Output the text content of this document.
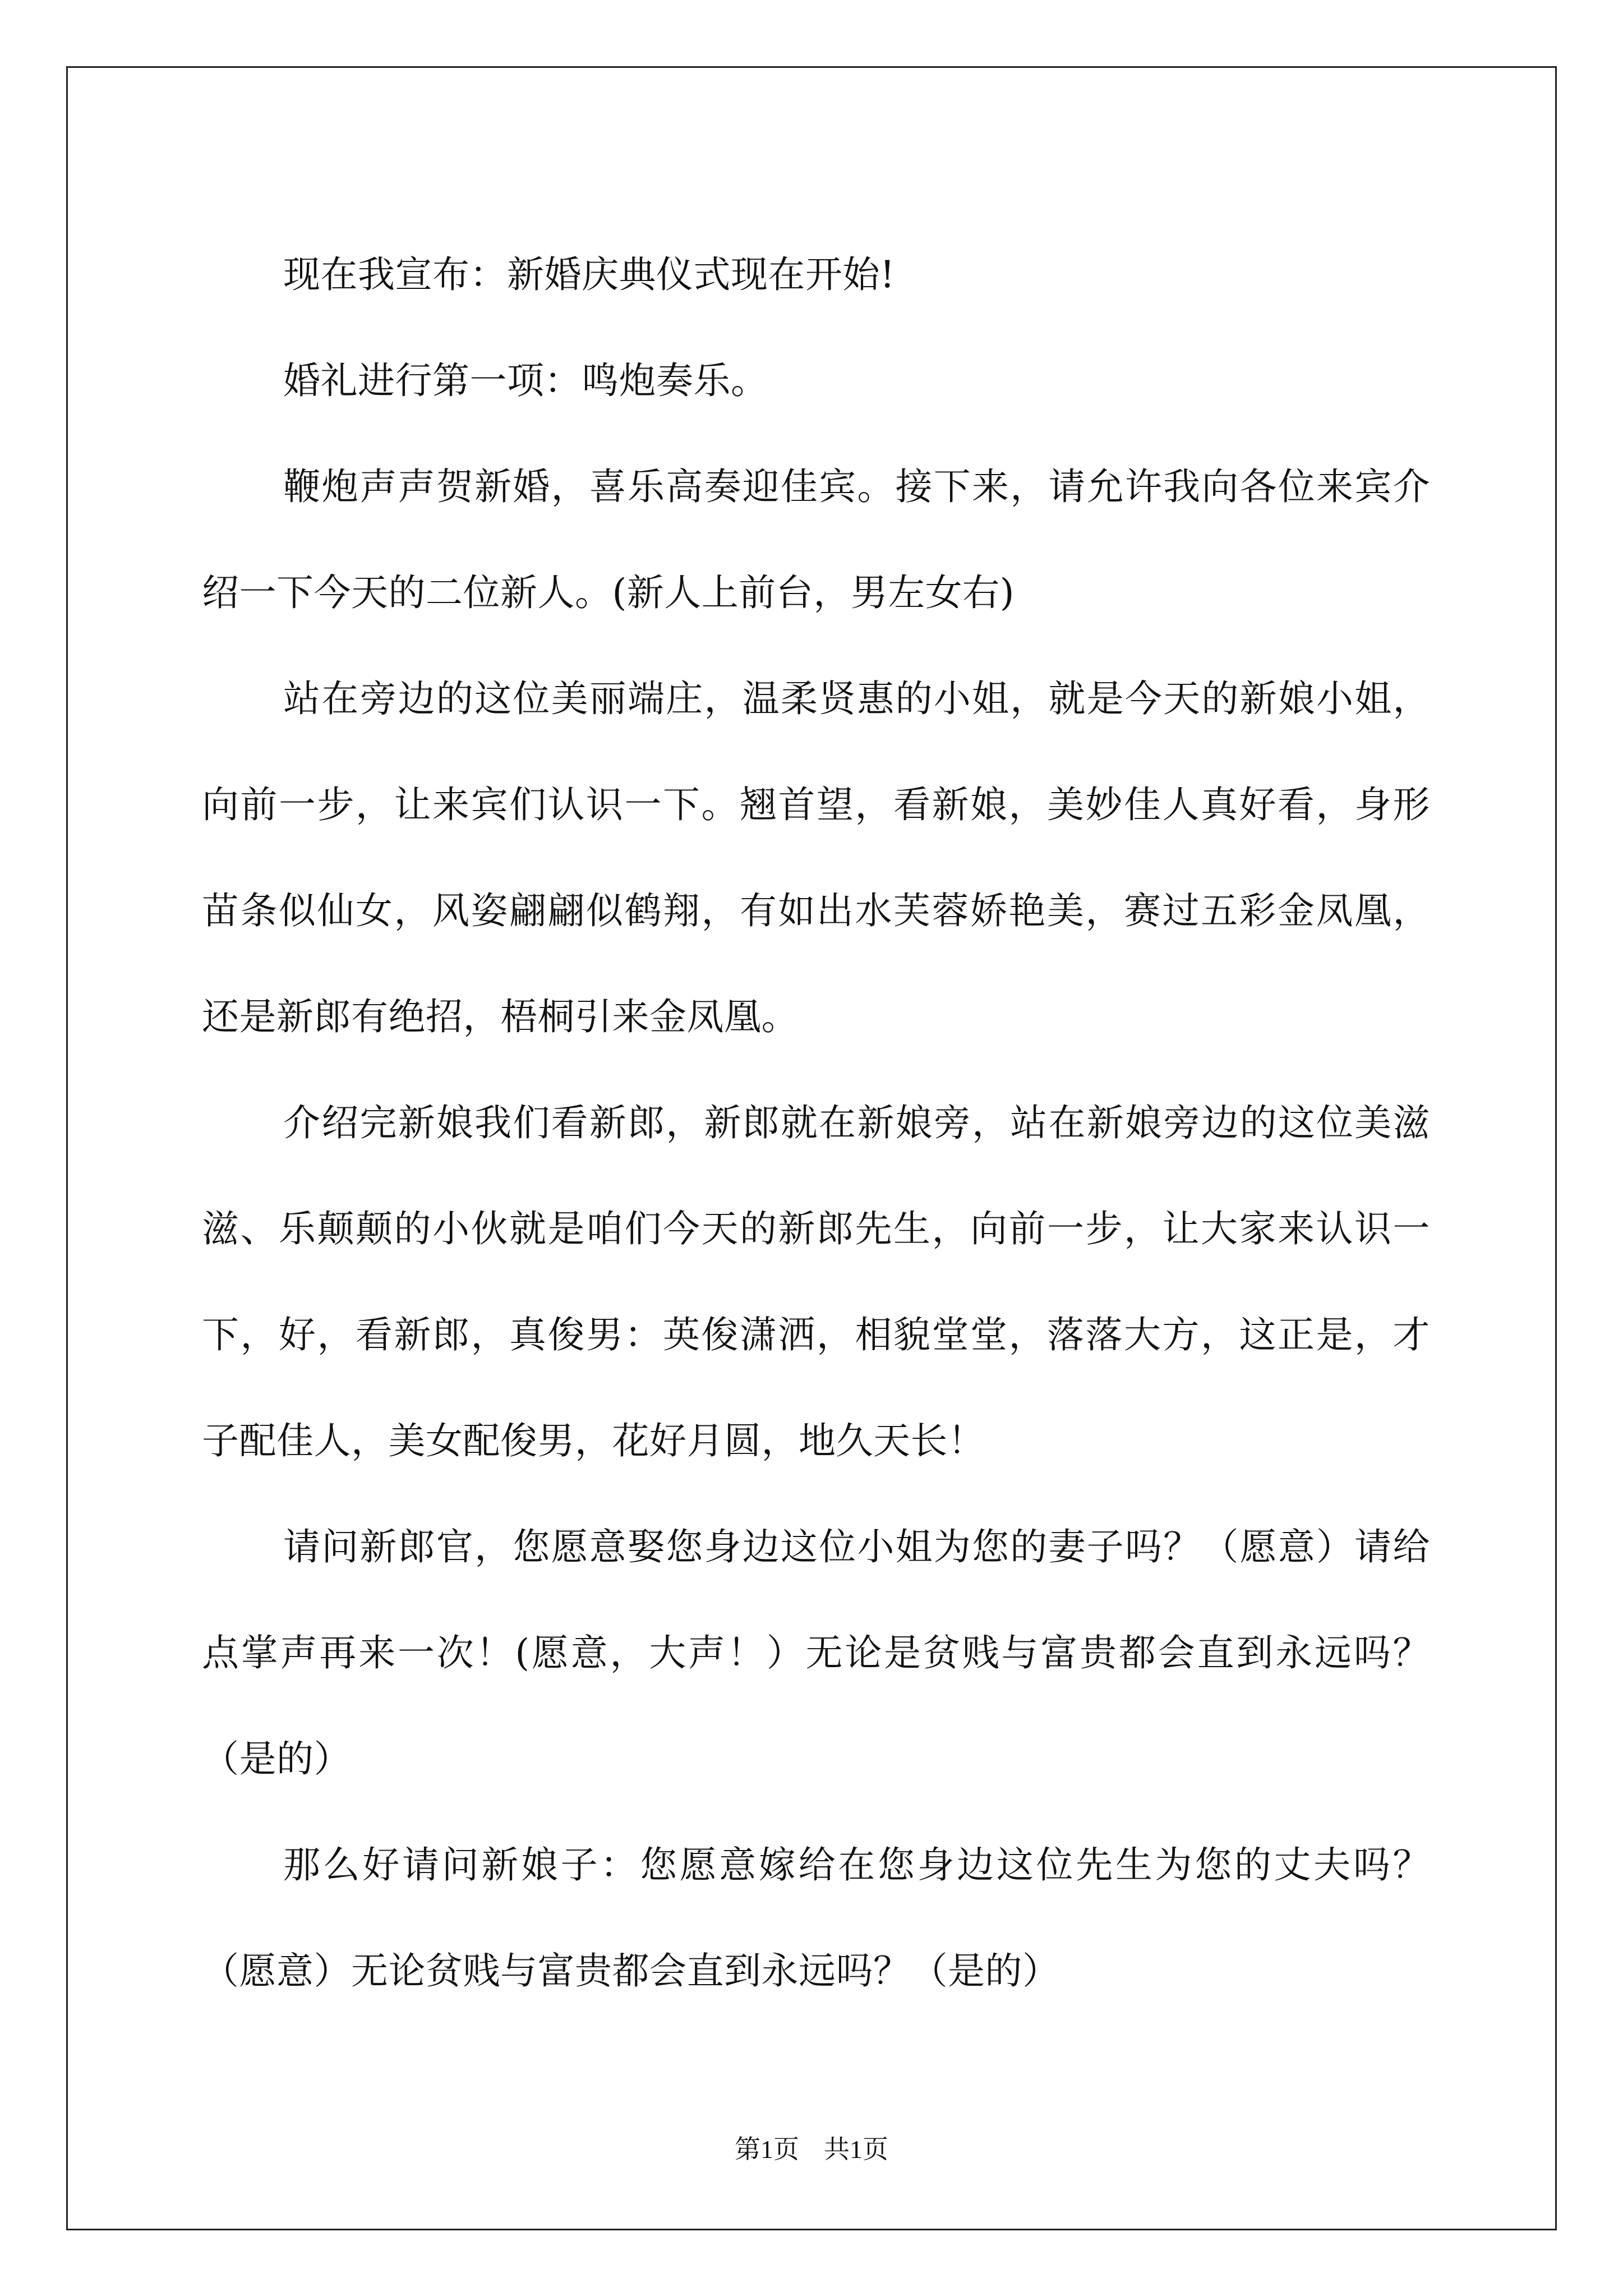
现在我宣布：新婚庆典仪式现在开始!

婚礼进行第一项：鸣炮奏乐。

鞭炮声声贺新婚，喜乐高奏迎佳宾。接下来，请允许我向各位来宾介绍一下今天的二位新人。(新人上前台，男左女右)

站在旁边的这位美丽端庄，温柔贤惠的小姐，就是今天的新娘小姐，向前一步，让来宾们认识一下。翘首望，看新娘，美妙佳人真好看，身形苗条似仙女，风姿翩翩似鹤翔，有如出水芙蓉娇艳美，赛过五彩金凤凰，还是新郎有绝招，梧桐引来金凤凰。

介绍完新娘我们看新郎，新郎就在新娘旁，站在新娘旁边的这位美滋滋、乐颠颠的小伙就是咱们今天的新郎先生，向前一步，让大家来认识一下，好，看新郎，真俊男：英俊潇洒，相貌堂堂，落落大方，这正是，才子配佳人，美女配俊男，花好月圆，地久天长！

请问新郎官，您愿意娶您身边这位小姐为您的妻子吗？（愿意）请给点掌声再来一次！(愿意，大声！）无论是贫贱与富贵都会直到永远吗？（是的）

那么好请问新娘子：您愿意嫁给在您身边这位先生为您的丈夫吗？（愿意）无论贫贱与富贵都会直到永远吗？（是的）

第1页 共1页
